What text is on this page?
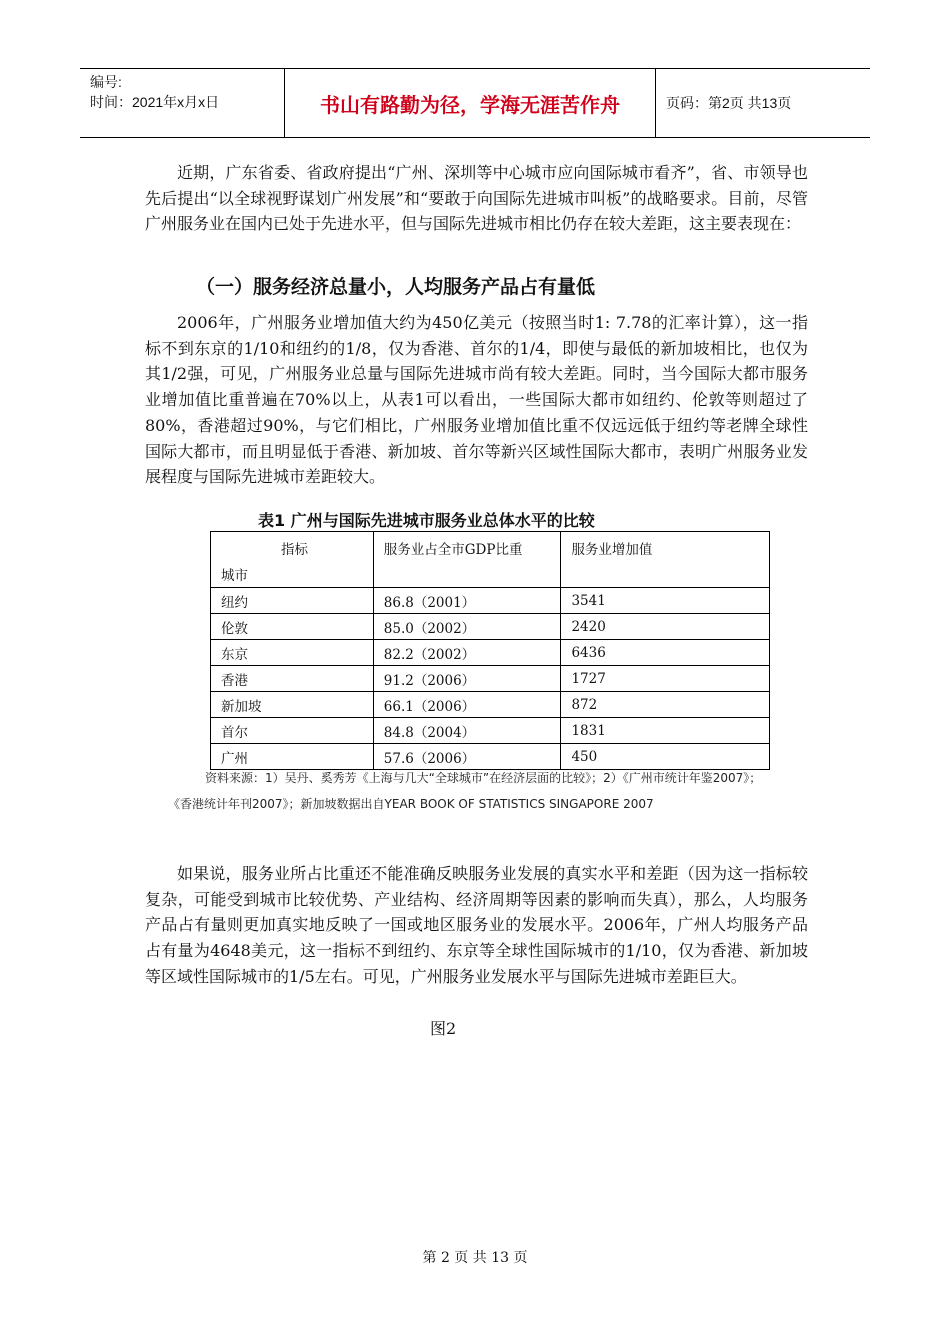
编号:
时间：2021年x月x日	书山有路勤为径，学海无涯苦作舟	页码：第2页 共13页
近期，广东省委、省政府提出“广州、深圳等中心城市应向国际城市看齐”，省、市领导也先后提出“以全球视野谋划广州发展”和“要敢于向国际先进城市叫板”的战略要求。目前，尽管广州服务业在国内已处于先进水平，但与国际先进城市相比仍存在较大差距，这主要表现在：
（一）服务经济总量小，人均服务产品占有量低
2006年，广州服务业增加值大约为450亿美元（按照当时1: 7.78的汇率计算），这一指标不到东京的1/10和纽约的1/8，仅为香港、首尔的1/4，即使与最低的新加坡相比，也仅为其1/2强，可见，广州服务业总量与国际先进城市尚有较大差距。同时，当今国际大都市服务业增加值比重普遍在70%以上，从表1可以看出，一些国际大都市如纽约、伦敦等则超过了 80%，香港超过90%，与它们相比，广州服务业增加值比重不仅远远低于纽约等老牌全球性国际大都市，而且明显低于香港、新加坡、首尔等新兴区域性国际大都市，表明广州服务业发展程度与国际先进城市差距较大。
表1 广州与国际先进城市服务业总体水平的比较
指标
城市	服务业占全市GDP比重	服务业增加值
纽约	86.8（2001）	3541
伦敦	85.0（2002）	2420
东京	82.2（2002）	6436
香港	91.2（2006）	1727
新加坡	66.1（2006）	872
首尔	84.8（2004）	1831
广州	57.6（2006）	450
资料来源：1）吴丹、奚秀芳《上海与几大“全球城市”在经济层面的比较》；2）《广州市统计年鉴2007》；《香港统计年刊2007》；新加坡数据出自YEAR BOOK OF STATISTICS SINGAPORE 2007
如果说，服务业所占比重还不能准确反映服务业发展的真实水平和差距（因为这一指标较复杂，可能受到城市比较优势、产业结构、经济周期等因素的影响而失真），那么，人均服务产品占有量则更加真实地反映了一国或地区服务业的发展水平。2006年，广州人均服务产品占有量为4648美元，这一指标不到纽约、东京等全球性国际城市的1/10，仅为香港、新加坡等区域性国际城市的1/5左右。可见，广州服务业发展水平与国际先进城市差距巨大。
图2
第 2 页 共 13 页
